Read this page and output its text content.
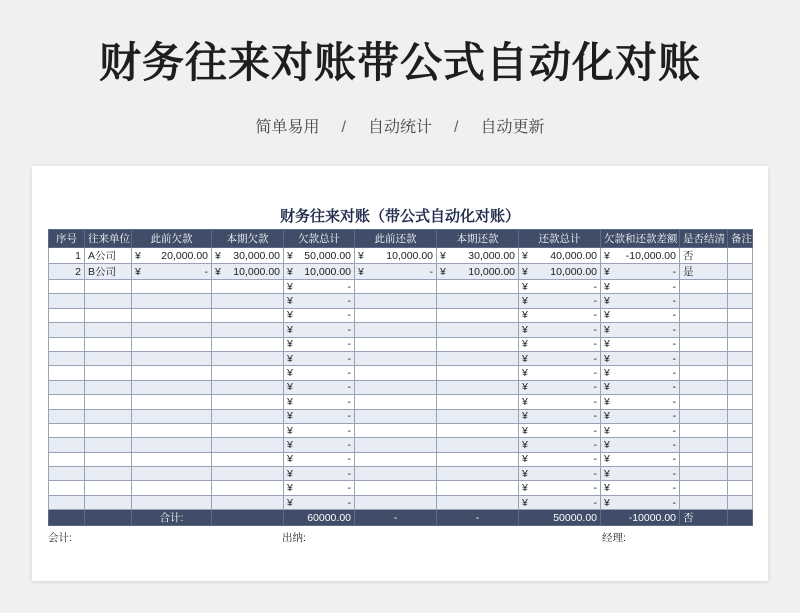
财务往来对账带公式自动化对账
简单易用 / 自动统计 / 自动更新
财务往来对账（带公式自动化对账）
序号	往来单位	此前欠款	本期欠款	欠款总计	此前还款	本期还款	还款总计	欠款和还款差额	是否结清	备注
1	A公司	¥ 20,000.00	¥ 30,000.00	¥ 50,000.00	¥ 10,000.00	¥ 30,000.00	¥ 40,000.00	¥ -10,000.00	否	
2	B公司	¥ -	¥ 10,000.00	¥ 10,000.00	¥ -	¥ 10,000.00	¥ 10,000.00	¥ -	是	

				¥ -			¥ -	¥ -		

				¥ -			¥ -	¥ -		

				¥ -			¥ -	¥ -		

				¥ -			¥ -	¥ -		

				¥ -			¥ -	¥ -		

				¥ -			¥ -	¥ -		

				¥ -			¥ -	¥ -		

				¥ -			¥ -	¥ -		

				¥ -			¥ -	¥ -		

				¥ -			¥ -	¥ -		

				¥ -			¥ -	¥ -		

				¥ -			¥ -	¥ -		

				¥ -			¥ -	¥ -		

				¥ -			¥ -	¥ -		

				¥ -			¥ -	¥ -		

				¥ -			¥ -	¥ -		
		合计:		60000.00	-	-	50000.00	-10000.00	否	
会计:	出纳:	经理:
